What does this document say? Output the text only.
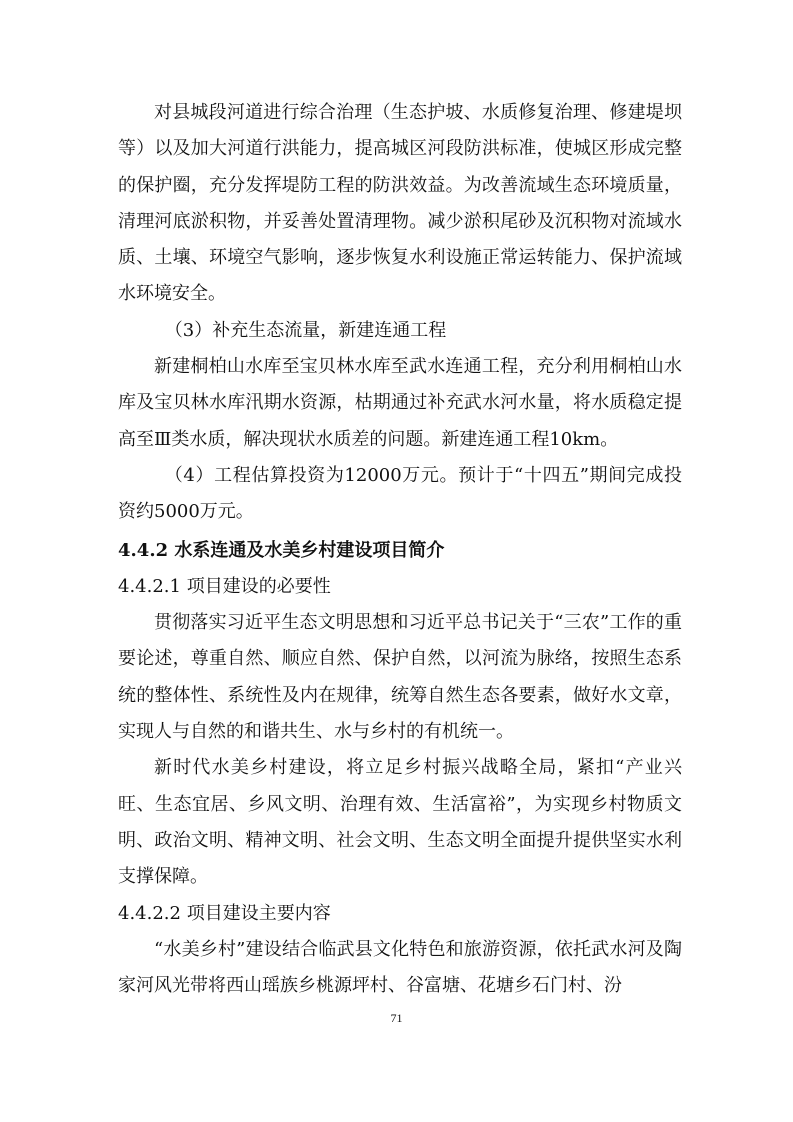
对县城段河道进行综合治理（生态护坡、水质修复治理、修建堤坝等）以及加大河道行洪能力，提高城区河段防洪标准，使城区形成完整的保护圈，充分发挥堤防工程的防洪效益。为改善流域生态环境质量，清理河底淤积物，并妥善处置清理物。减少淤积尾砂及沉积物对流域水质、土壤、环境空气影响，逐步恢复水利设施正常运转能力、保护流域水环境安全。

（3）补充生态流量，新建连通工程

新建桐柏山水库至宝贝林水库至武水连通工程，充分利用桐柏山水库及宝贝林水库汛期水资源，枯期通过补充武水河水量，将水质稳定提高至Ⅲ类水质，解决现状水质差的问题。新建连通工程10km。

（4）工程估算投资为12000万元。预计于“十四五”期间完成投资约5000万元。

4.4.2 水系连通及水美乡村建设项目简介

4.4.2.1 项目建设的必要性

贯彻落实习近平生态文明思想和习近平总书记关于“三农”工作的重要论述，尊重自然、顺应自然、保护自然，以河流为脉络，按照生态系统的整体性、系统性及内在规律，统筹自然生态各要素，做好水文章，实现人与自然的和谐共生、水与乡村的有机统一。

新时代水美乡村建设，将立足乡村振兴战略全局，紧扣“产业兴旺、生态宜居、乡风文明、治理有效、生活富裕”，为实现乡村物质文明、政治文明、精神文明、社会文明、生态文明全面提升提供坚实水利支撑保障。

4.4.2.2 项目建设主要内容

“水美乡村”建设结合临武县文化特色和旅游资源，依托武水河及陶家河风光带将西山瑶族乡桃源坪村、谷富塘、花塘乡石门村、汾

71
